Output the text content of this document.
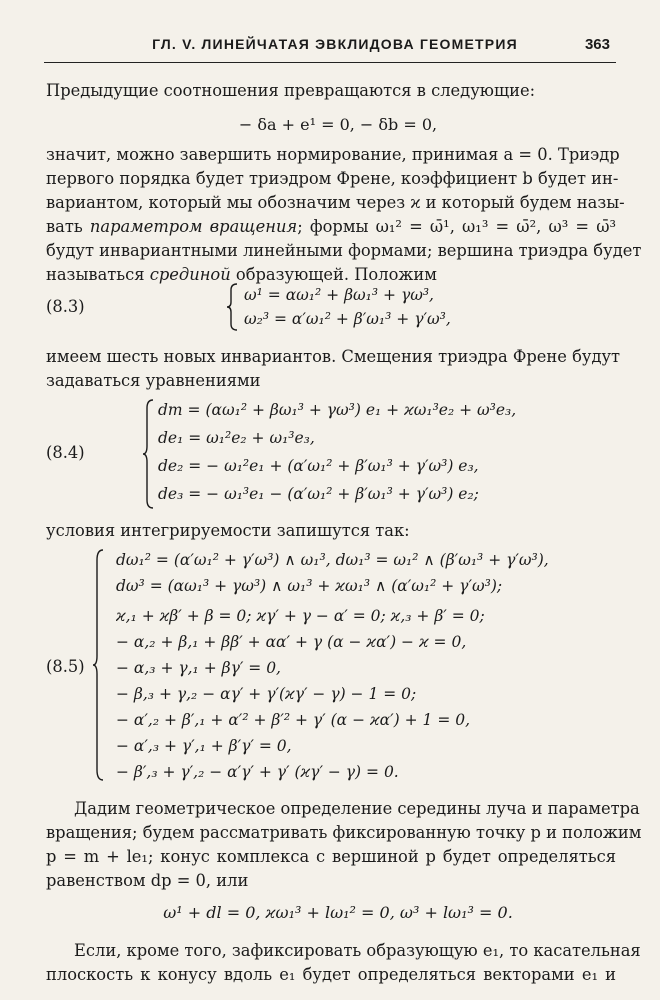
ГЛ. V. ЛИНЕЙЧАТАЯ ЭВКЛИДОВА ГЕОМЕТРИЯ	363
Предыдущие соотношения превращаются в следующие:
− δa + e¹ = 0, − δb = 0,
значит, можно завершить нормирование, принимая a = 0. Триэдр
первого порядка будет триэдром Френе, коэффициент b будет ин-
вариантом, который мы обозначим через ϰ и который будем назы-
вать параметром вращения; формы ω₁² = ω̄¹, ω₁³ = ω̄², ω³ = ω̄³
будут инвариантными линейными формами; вершина триэдра будет
называться срединой образующей. Положим
(8.3)
ω¹ = αω₁² + βω₁³ + γω³,
ω₂³ = α′ω₁² + β′ω₁³ + γ′ω³,
имеем шесть новых инвариантов. Смещения триэдра Френе будут
задаваться уравнениями
(8.4)
dm = (αω₁² + βω₁³ + γω³) e₁ + ϰω₁³e₂ + ω³e₃,
de₁ = ω₁²e₂ + ω₁³e₃,
de₂ = − ω₁²e₁ + (α′ω₁² + β′ω₁³ + γ′ω³) e₃,
de₃ = − ω₁³e₁ − (α′ω₁² + β′ω₁³ + γ′ω³) e₂;
условия интегрируемости запишутся так:
(8.5)
dω₁² = (α′ω₁² + γ′ω³) ∧ ω₁³, dω₁³ = ω₁² ∧ (β′ω₁³ + γ′ω³),
dω³ = (αω₁³ + γω³) ∧ ω₁³ + ϰω₁³ ∧ (α′ω₁² + γ′ω³);
ϰ,₁ + ϰβ′ + β = 0; ϰγ′ + γ − α′ = 0; ϰ,₃ + β′ = 0;
− α,₂ + β,₁ + ββ′ + αα′ + γ (α − ϰα′) − ϰ = 0,
− α,₃ + γ,₁ + βγ′ = 0,
− β,₃ + γ,₂ − αγ′ + γ′(ϰγ′ − γ) − 1 = 0;
− α′,₂ + β′,₁ + α′² + β′² + γ′ (α − ϰα′) + 1 = 0,
− α′,₃ + γ′,₁ + β′γ′ = 0,
− β′,₃ + γ′,₂ − α′γ′ + γ′ (ϰγ′ − γ) = 0.
Дадим геометрическое определение середины луча и параметра
вращения; будем рассматривать фиксированную точку p и положим
p = m + le₁; конус комплекса с вершиной p будет определяться
равенством dp = 0, или
ω¹ + dl = 0, ϰω₁³ + lω₁² = 0, ω³ + lω₁³ = 0.
Если, кроме того, зафиксировать образующую e₁, то касательная
плоскость к конусу вдоль e₁ будет определяться векторами e₁ и
